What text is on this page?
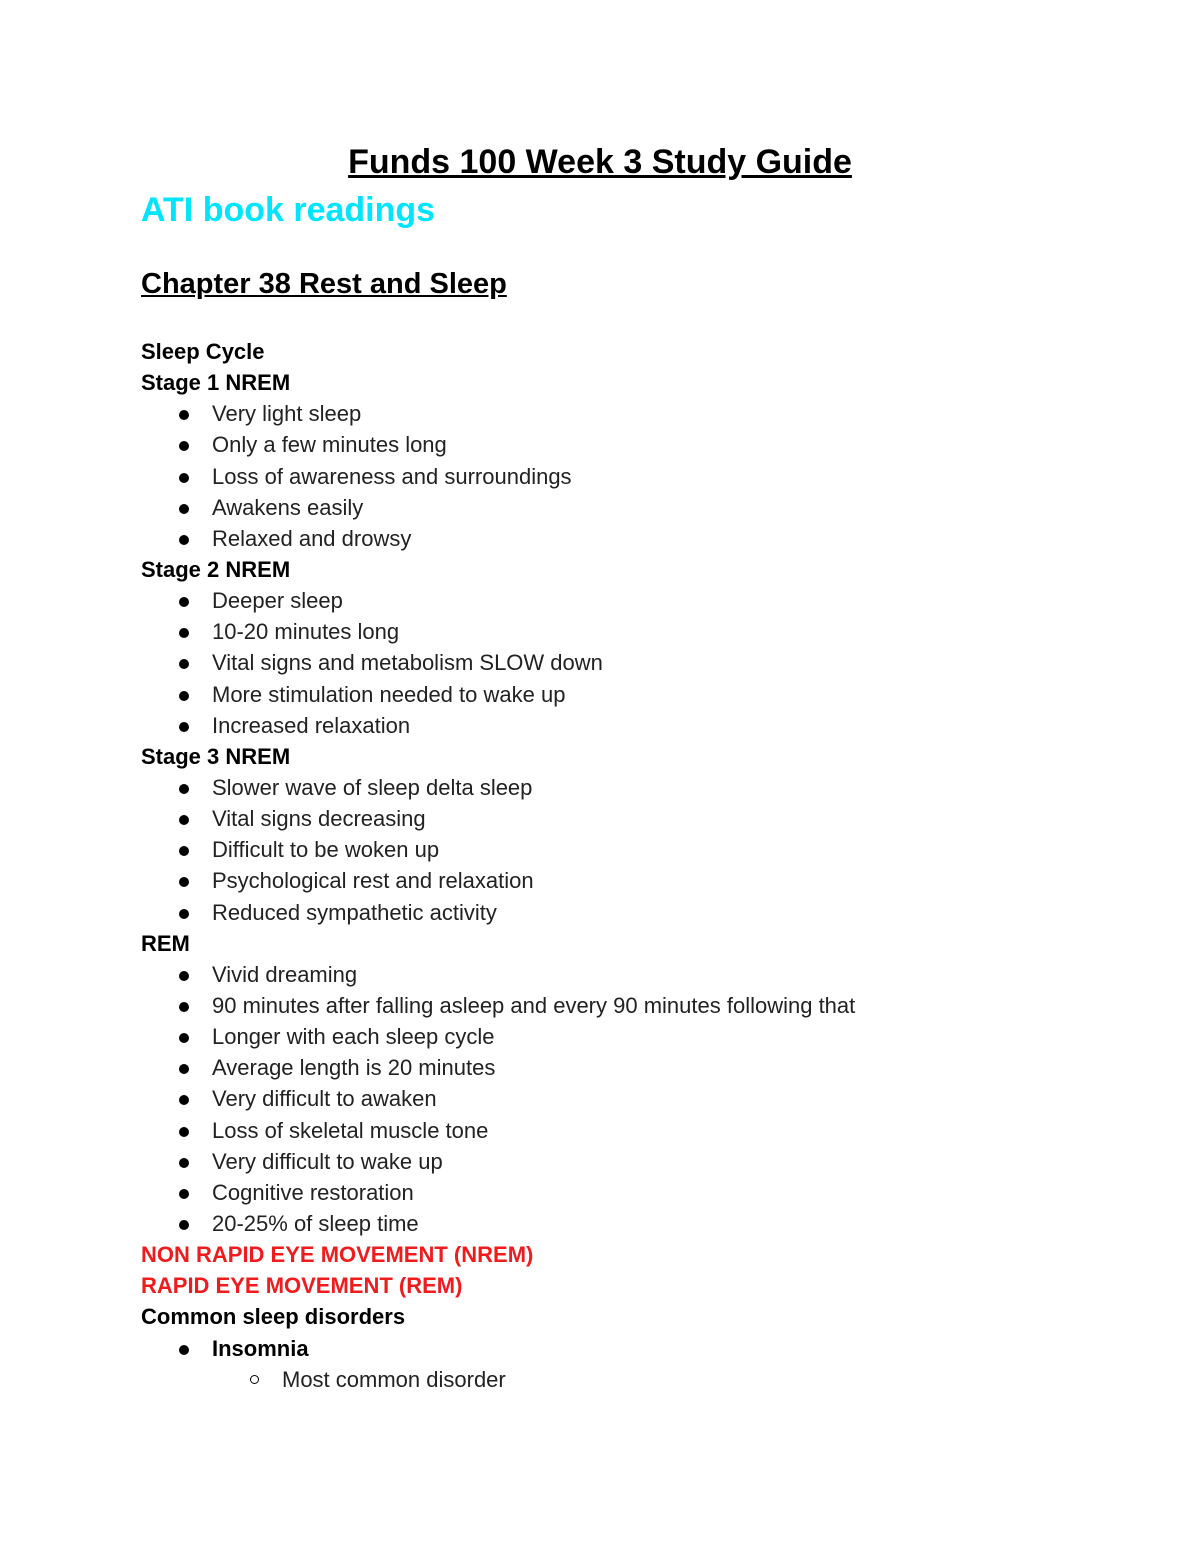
Funds 100 Week 3 Study Guide
ATI book readings
Chapter 38 Rest and Sleep
Sleep Cycle
Stage 1 NREM
Very light sleep
Only a few minutes long
Loss of awareness and surroundings
Awakens easily
Relaxed and drowsy
Stage 2 NREM
Deeper sleep
10-20 minutes long
Vital signs and metabolism SLOW down
More stimulation needed to wake up
Increased relaxation
Stage 3 NREM
Slower wave of sleep delta sleep
Vital signs decreasing
Difficult to be woken up
Psychological rest and relaxation
Reduced sympathetic activity
REM
Vivid dreaming
90 minutes after falling asleep and every 90 minutes following that
Longer with each sleep cycle
Average length is 20 minutes
Very difficult to awaken
Loss of skeletal muscle tone
Very difficult to wake up
Cognitive restoration
20-25% of sleep time
NON RAPID EYE MOVEMENT (NREM)
RAPID EYE MOVEMENT (REM)
Common sleep disorders
Insomnia
Most common disorder
